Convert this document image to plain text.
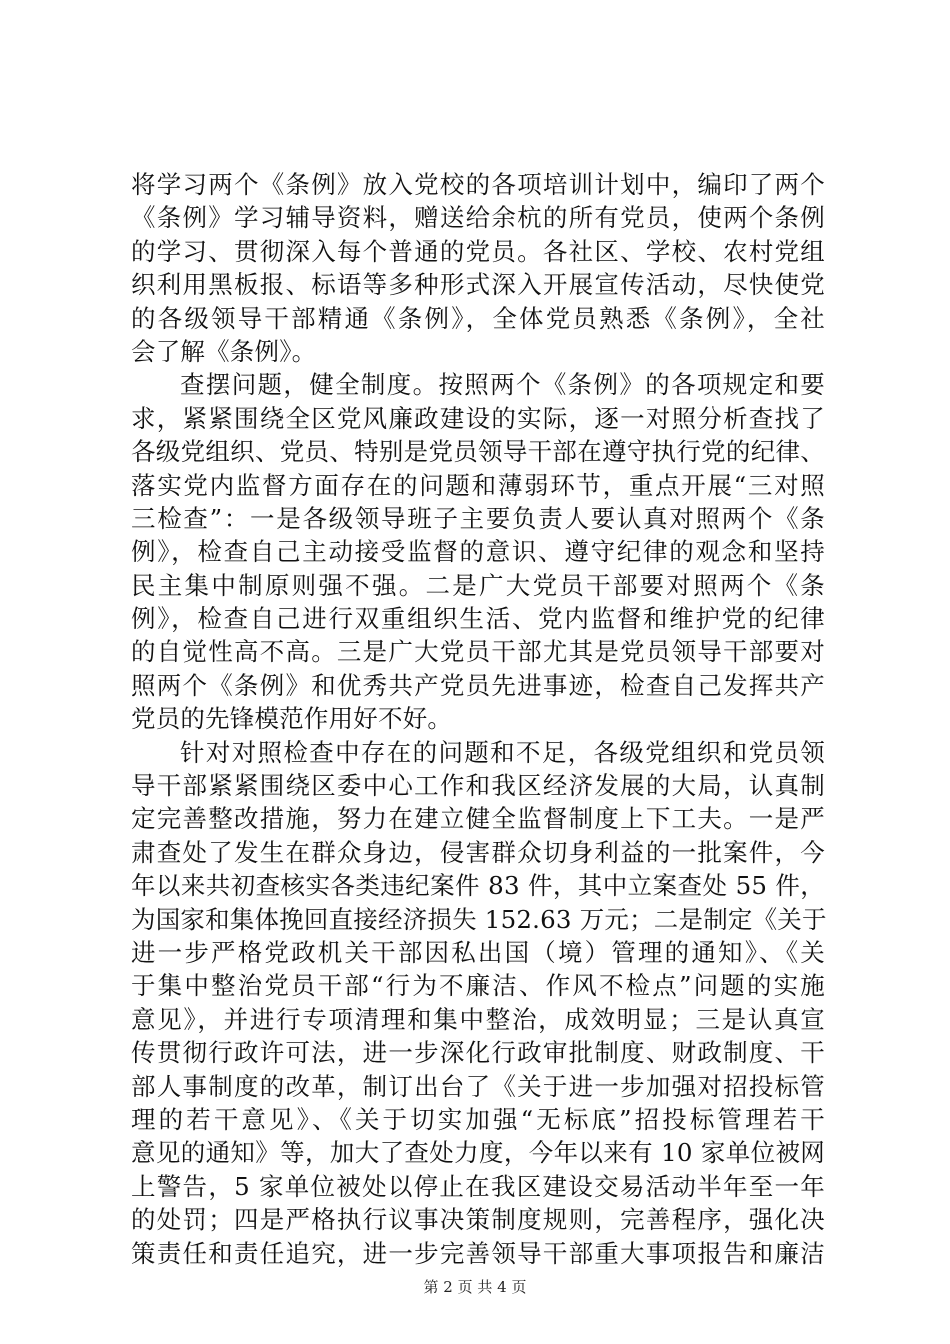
将学习两个《条例》放入党校的各项培训计划中，编印了两个
《条例》学习辅导资料，赠送给余杭的所有党员，使两个条例
的学习、贯彻深入每个普通的党员。各社区、学校、农村党组
织利用黑板报、标语等多种形式深入开展宣传活动，尽快使党
的各级领导干部精通《条例》，全体党员熟悉《条例》，全社
会了解《条例》。
查摆问题，健全制度。按照两个《条例》的各项规定和要
求，紧紧围绕全区党风廉政建设的实际，逐一对照分析查找了
各级党组织、党员、特别是党员领导干部在遵守执行党的纪律、
落实党内监督方面存在的问题和薄弱环节，重点开展“三对照
三检查”：一是各级领导班子主要负责人要认真对照两个《条
例》，检查自己主动接受监督的意识、遵守纪律的观念和坚持
民主集中制原则强不强。二是广大党员干部要对照两个《条
例》，检查自己进行双重组织生活、党内监督和维护党的纪律
的自觉性高不高。三是广大党员干部尤其是党员领导干部要对
照两个《条例》和优秀共产党员先进事迹，检查自己发挥共产
党员的先锋模范作用好不好。
针对对照检查中存在的问题和不足，各级党组织和党员领
导干部紧紧围绕区委中心工作和我区经济发展的大局，认真制
定完善整改措施，努力在建立健全监督制度上下工夫。一是严
肃查处了发生在群众身边，侵害群众切身利益的一批案件，今
年以来共初查核实各类违纪案件 83 件，其中立案查处 55 件，
为国家和集体挽回直接经济损失 152.63 万元；二是制定《关于
进一步严格党政机关干部因私出国（境）管理的通知》、《关
于集中整治党员干部“行为不廉洁、作风不检点”问题的实施
意见》，并进行专项清理和集中整治，成效明显；三是认真宣
传贯彻行政许可法，进一步深化行政审批制度、财政制度、干
部人事制度的改革，制订出台了《关于进一步加强对招投标管
理的若干意见》、《关于切实加强“无标底”招投标管理若干
意见的通知》等，加大了查处力度，今年以来有 10 家单位被网
上警告，5 家单位被处以停止在我区建设交易活动半年至一年
的处罚；四是严格执行议事决策制度规则，完善程序，强化决
策责任和责任追究，进一步完善领导干部重大事项报告和廉洁
第 2 页 共 4 页
